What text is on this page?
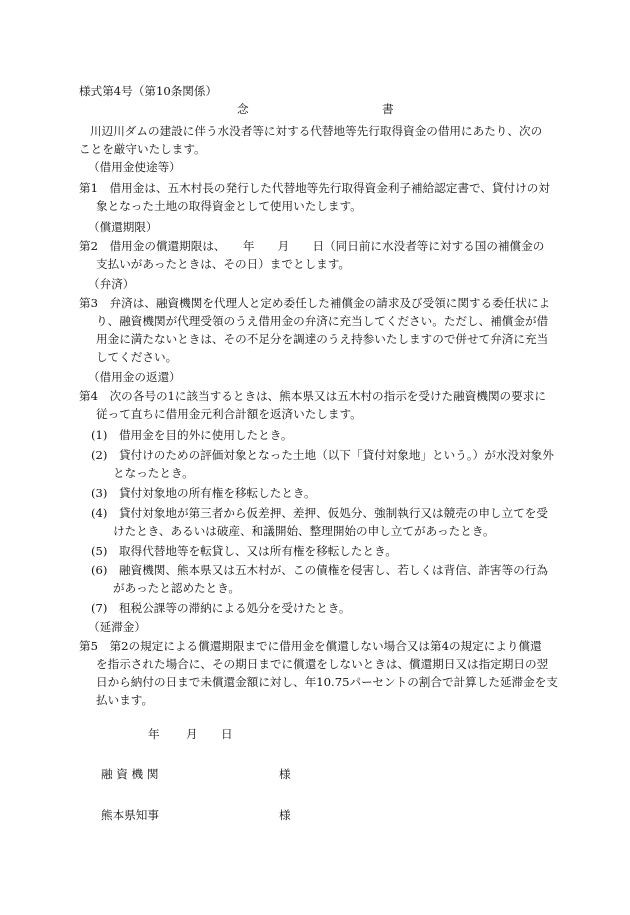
様式第4号（第10条関係）
念	書
川辺川ダムの建設に伴う水没者等に対する代替地等先行取得資金の借用にあたり、次の
ことを厳守いたします。
（借用金使途等）
第1　借用金は、五木村長の発行した代替地等先行取得資金利子補給認定書で、貸付けの対
象となった土地の取得資金として使用いたします。
（償還期限）
第2　借用金の償還期限は、　　年　　月　　日（同日前に水没者等に対する国の補償金の
支払いがあったときは、その日）までとします。
（弁済）
第3　弁済は、融資機関を代理人と定め委任した補償金の請求及び受領に関する委任状によ
り、融資機関が代理受領のうえ借用金の弁済に充当してください。ただし、補償金が借
用金に満たないときは、その不足分を調達のうえ持参いたしますので併せて弁済に充当
してください。
（借用金の返還）
第4　次の各号の1に該当するときは、熊本県又は五木村の指示を受けた融資機関の要求に
従って直ちに借用金元利合計額を返済いたします。
(1)　借用金を目的外に使用したとき。
(2)　貸付けのための評価対象となった土地（以下「貸付対象地」という。）が水没対象外
となったとき。
(3)　貸付対象地の所有権を移転したとき。
(4)　貸付対象地が第三者から仮差押、差押、仮処分、強制執行又は競売の申し立てを受
けたとき、あるいは破産、和議開始、整理開始の申し立てがあったとき。
(5)　取得代替地等を転貸し、又は所有権を移転したとき。
(6)　融資機関、熊本県又は五木村が、この債権を侵害し、若しくは背信、詐害等の行為
があったと認めたとき。
(7)　租税公課等の滞納による処分を受けたとき。
（延滞金）
第5　第2の規定による償還期限までに借用金を償還しない場合又は第4の規定により償還
を指示された場合に、その期日までに償還をしないときは、償還期日又は指定期日の翌
日から納付の日まで未償還金額に対し、年10.75パーセントの割合で計算した延滞金を支
払います。
年 月 日
融 資 機 関	様
熊本県知事	様
